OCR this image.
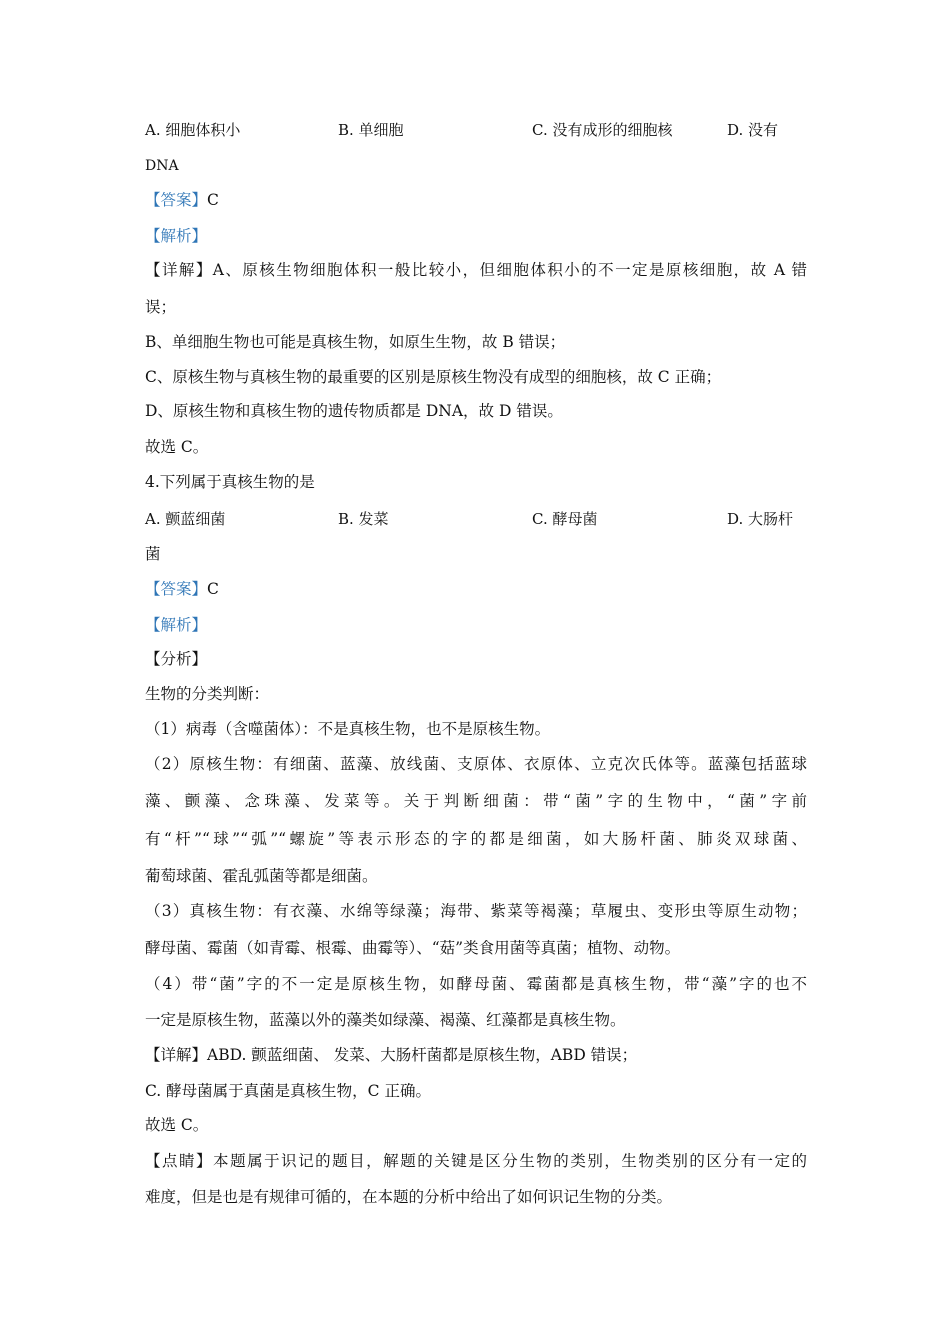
A. 细胞体积小	B. 单细胞	C. 没有成形的细胞核	D. 没有
DNA
【答案】C
【解析】
【详解】A、原核生物细胞体积一般比较小，但细胞体积小的不一定是原核细胞，故 A 错
误；
B、单细胞生物也可能是真核生物，如原生生物，故 B 错误；
C、原核生物与真核生物的最重要的区别是原核生物没有成型的细胞核，故 C 正确；
D、原核生物和真核生物的遗传物质都是 DNA，故 D 错误。
故选 C。
4.下列属于真核生物的是
A. 颤蓝细菌	B. 发菜	C. 酵母菌	D. 大肠杆
菌
【答案】C
【解析】
【分析】
生物的分类判断：
（1）病毒（含噬菌体）：不是真核生物，也不是原核生物。
（2）原核生物：有细菌、蓝藻、放线菌、支原体、衣原体、立克次氏体等。蓝藻包括蓝球
藻、颤藻、念珠藻、发菜等。关于判断细菌：带“菌”字的生物中，“菌”字前
有“杆”“球”“弧”“螺旋”等表示形态的字的都是细菌，如大肠杆菌、肺炎双球菌、
葡萄球菌、霍乱弧菌等都是细菌。
（3）真核生物：有衣藻、水绵等绿藻；海带、紫菜等褐藻；草履虫、变形虫等原生动物；
酵母菌、霉菌（如青霉、根霉、曲霉等）、“菇”类食用菌等真菌；植物、动物。
（4）带“菌”字的不一定是原核生物，如酵母菌、霉菌都是真核生物，带“藻”字的也不
一定是原核生物，蓝藻以外的藻类如绿藻、褐藻、红藻都是真核生物。
【详解】ABD. 颤蓝细菌、 发菜、大肠杆菌都是原核生物，ABD 错误；
C. 酵母菌属于真菌是真核生物，C 正确。
故选 C。
【点睛】本题属于识记的题目，解题的关键是区分生物的类别，生物类别的区分有一定的
难度，但是也是有规律可循的，在本题的分析中给出了如何识记生物的分类。
